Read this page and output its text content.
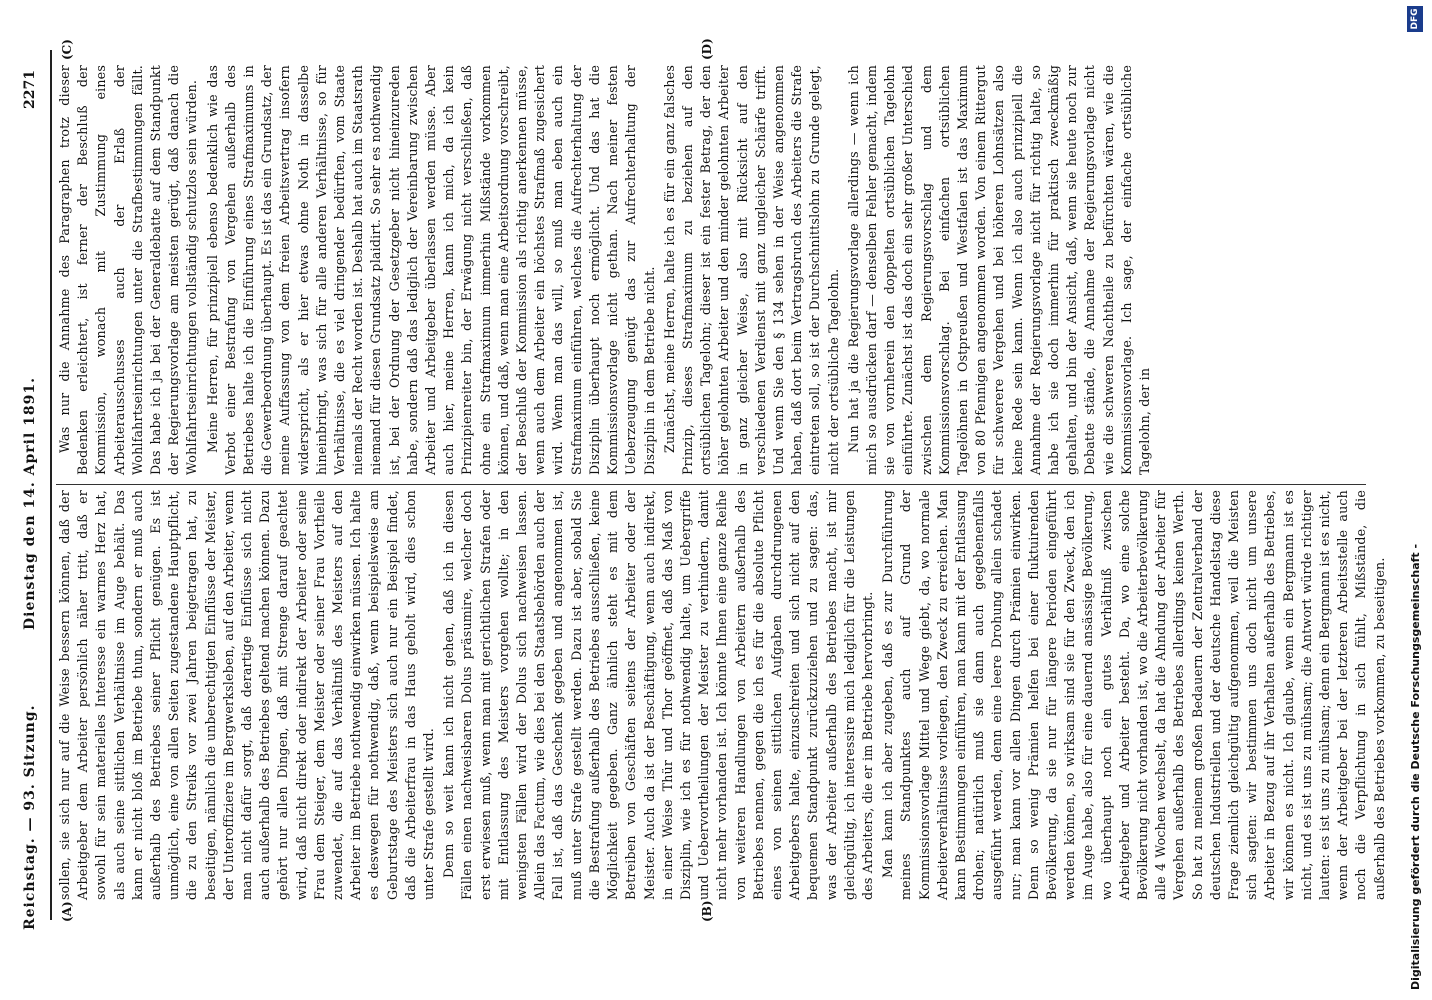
Reichstag. — 93. Sitzung.
Dienstag den 14. April 1891.
2271
(A)	(B)
(C)	(D)

sollen, sie sich nur auf die Weise bessern können, daß der Arbeitgeber dem Arbeiter persönlich näher tritt, daß er sowohl für sein materielles Interesse ein warmes Herz hat, als auch seine sittlichen Verhältnisse im Auge behält. Das kann er nicht bloß im Betriebe thun, sondern er muß auch außerhalb des Betriebes seiner Pflicht genügen. Es ist unmöglich, eine von allen Seiten zugestandene Hauptpflicht, die zu den Streiks vor zwei Jahren beigetragen hat, zu beseitigen, nämlich die unberechtigten Einflüsse der Meister, der Unteroffiziere im Bergwerksleben, auf den Arbeiter, wenn man nicht dafür sorgt, daß derartige Einflüsse sich nicht auch außerhalb des Betriebes geltend machen können. Dazu gehört nur allen Dingen, daß mit Strenge darauf geachtet wird, daß nicht direkt oder indirekt der Arbeiter oder seine Frau dem Steiger, dem Meister oder seiner Frau Vortheile zuwendet, die auf das Verhältniß des Meisters auf den Arbeiter im Betriebe nothwendig einwirken müssen. Ich halte es deswegen für nothwendig, daß, wenn beispielsweise am Geburtstage des Meisters sich auch nur ein Beispiel findet, daß die Arbeiterfrau in das Haus geholt wird, dies schon unter Strafe gestellt wird. Denn so weit kann ich nicht gehen, daß ich in diesen Fällen einen nachweisbaren Dolus präsumire, welcher doch erst erwiesen muß, wenn man mit gerichtlichen Strafen oder mit Entlassung des Meisters vorgehen wollte; in den wenigsten Fällen wird der Dolus sich nachweisen lassen. Allein das Factum, wie dies bei den Staatsbehörden auch der Fall ist, daß das Geschenk gegeben und angenommen ist, muß unter Strafe gestellt werden. Dazu ist aber, sobald Sie die Bestrafung außerhalb des Betriebes ausschließen, keine Möglichkeit gegeben. Ganz ähnlich steht es mit dem Betreiben von Geschäften seitens der Arbeiter oder der Meister. Auch da ist der Beschäftigung, wenn auch indirekt, in einer Weise Thür und Thor geöffnet, daß das Maß von Disziplin, wie ich es für nothwendig halte, um Uebergriffe und Uebervortheilungen der Meister zu verhindern, damit nicht mehr vorhanden ist. Ich könnte Ihnen eine ganze Reihe von weiteren Handlungen von Arbeitern außerhalb des Betriebes nennen, gegen die ich es für die absolute Pflicht eines von seinen sittlichen Aufgaben durchdrungenen Arbeitgebers halte, einzuschreiten und sich nicht auf den bequemen Standpunkt zurückzuziehen und zu sagen: das, was der Arbeiter außerhalb des Betriebes macht, ist mir gleichgültig, ich interessire mich lediglich für die Leistungen des Arbeiters, die er im Betriebe hervorbringt. Man kann ich aber zugeben, daß es zur Durchführung meines Standpunktes auch auf Grund der Kommissionsvorlage Mittel und Wege giebt, da, wo normale Arbeiterverhältnisse vorliegen, den Zweck zu erreichen. Man kann Bestimmungen einführen, man kann mit der Entlassung drohen; natürlich muß sie dann auch gegebenenfalls ausgeführt werden, denn eine leere Drohung allein schadet nur; man kann vor allen Dingen durch Prämien einwirken. Denn so wenig Prämien helfen bei einer fluktuirenden Bevölkerung, da sie nur für längere Perioden eingeführt werden können, so wirksam sind sie für den Zweck, den ich im Auge habe, also für eine dauernd ansässige Bevölkerung, wo überhaupt noch ein gutes Verhältniß zwischen Arbeitgeber und Arbeiter besteht. Da, wo eine solche Bevölkerung nicht vorhanden ist, wo die Arbeiterbevölkerung alle 4 Wochen wechselt, da hat die Ahndung der Arbeiter für Vergehen außerhalb des Betriebes allerdings keinen Werth. So hat zu meinem großen Bedauern der Zentralverband der deutschen Industriellen und der deutsche Handelstag diese Frage ziemlich gleichgültig aufgenommen, weil die Meisten sich sagten: wir bestimmen uns doch nicht um unsere Arbeiter in Bezug auf ihr Verhalten außerhalb des Betriebes, wir können es nicht. Ich glaube, wenn ein Bergmann ist es nicht, und es ist uns zu mühsam; die Antwort würde richtiger lauten: es ist uns zu mühsam; denn ein Bergmann ist es nicht, wenn der Arbeitgeber bei der letzteren Arbeitsstelle auch noch die Verpflichtung in sich fühlt, Mißstände, die außerhalb des Betriebes vorkommen, zu beseitigen.

Was nur die Annahme des Paragraphen trotz dieser Bedenken erleichtert, ist ferner der Beschluß der Kommission, wonach mit Zustimmung eines Arbeiterausschusses auch der Erlaß der Wohlfahrtseinrichtungen unter die Strafbestimmungen fällt. Das habe ich ja bei der Generaldebatte auf dem Standpunkt der Regierungsvorlage am meisten gerügt, daß danach die Wohlfahrtseinrichtungen vollständig schutzlos sein würden. Meine Herren, für prinzipiell ebenso bedenklich wie das Verbot einer Bestrafung von Vergehen außerhalb des Betriebes halte ich die Einführung eines Strafmaximums in die Gewerbeordnung überhaupt. Es ist das ein Grundsatz, der meine Auffassung von dem freien Arbeitsvertrag insofern widerspricht, als er hier etwas ohne Noth in dasselbe hineinbringt, was sich für alle anderen Verhältnisse, so für Verhältnisse, die es viel dringender bedürften, vom Staate niemals der Recht worden ist. Deshalb hat auch im Staatsrath niemand für diesen Grundsatz plaidirt. So sehr es nothwendig ist, bei der Ordnung der Gesetzgeber nicht hineinzureden habe, sondern daß das lediglich der Vereinbarung zwischen Arbeiter und Arbeitgeber überlassen werden müsse. Aber auch hier, meine Herren, kann ich mich, da ich kein Prinzipienreiter bin, der Erwägung nicht verschließen, daß ohne ein Strafmaximum immerhin Mißstände vorkommen können, und daß, wenn man eine Arbeitsordnung vorschreibt, der Beschluß der Kommission als richtig anerkennen müsse, wenn auch dem Arbeiter ein höchstes Strafmaß zugesichert wird. Wenn man das will, so muß man eben auch ein Strafmaximum einführen, welches die Aufrechterhaltung der Disziplin überhaupt noch ermöglicht. Und das hat die Kommissionsvorlage nicht gethan. Nach meiner festen Ueberzeugung genügt das zur Aufrechterhaltung der Disziplin in dem Betriebe nicht. Zunächst, meine Herren, halte ich es für ein ganz falsches Prinzip, dieses Strafmaximum zu beziehen auf den ortsüblichen Tagelohn; dieser ist ein fester Betrag, der den höher gelohnten Arbeiter und den minder gelohnten Arbeiter in ganz gleicher Weise, also mit Rücksicht auf den verschiedenen Verdienst mit ganz ungleicher Schärfe trifft. Und wenn Sie den § 134 sehen in der Weise angenommen haben, daß dort beim Vertragsbruch des Arbeiters die Strafe eintreten soll, so ist der Durchschnittslohn zu Grunde gelegt, nicht der ortsübliche Tagelohn. Nun hat ja die Regierungsvorlage allerdings — wenn ich mich so ausdrücken darf — denselben Fehler gemacht, indem sie von vornherein den doppelten ortsüblichen Tagelohn einführte. Zunächst ist das doch ein sehr großer Unterschied zwischen dem Regierungsvorschlag und dem Kommissionsvorschlag. Bei einfachen ortsüblichen Tagelöhnen in Ostpreußen und Westfalen ist das Maximum von 80 Pfennigen angenommen worden. Von einem Rittergut für schwerere Vergehen und bei höheren Lohnsätzen also keine Rede sein kann. Wenn ich also auch prinzipiell die Annahme der Regierungsvorlage nicht für richtig halte, so habe ich sie doch immerhin für praktisch zweckmäßig gehalten, und bin der Ansicht, daß, wenn sie heute noch zur Debatte stände, die Annahme der Regierungsvorlage nicht wie die schweren Nachtheile zu befürchten wären, wie die Kommissionsvorlage. Ich sage, der einfache ortsübliche Tagelohn, der in

Digitalisierung gefördert durch die Deutsche Forschungsgemeinschaft -
DFG
